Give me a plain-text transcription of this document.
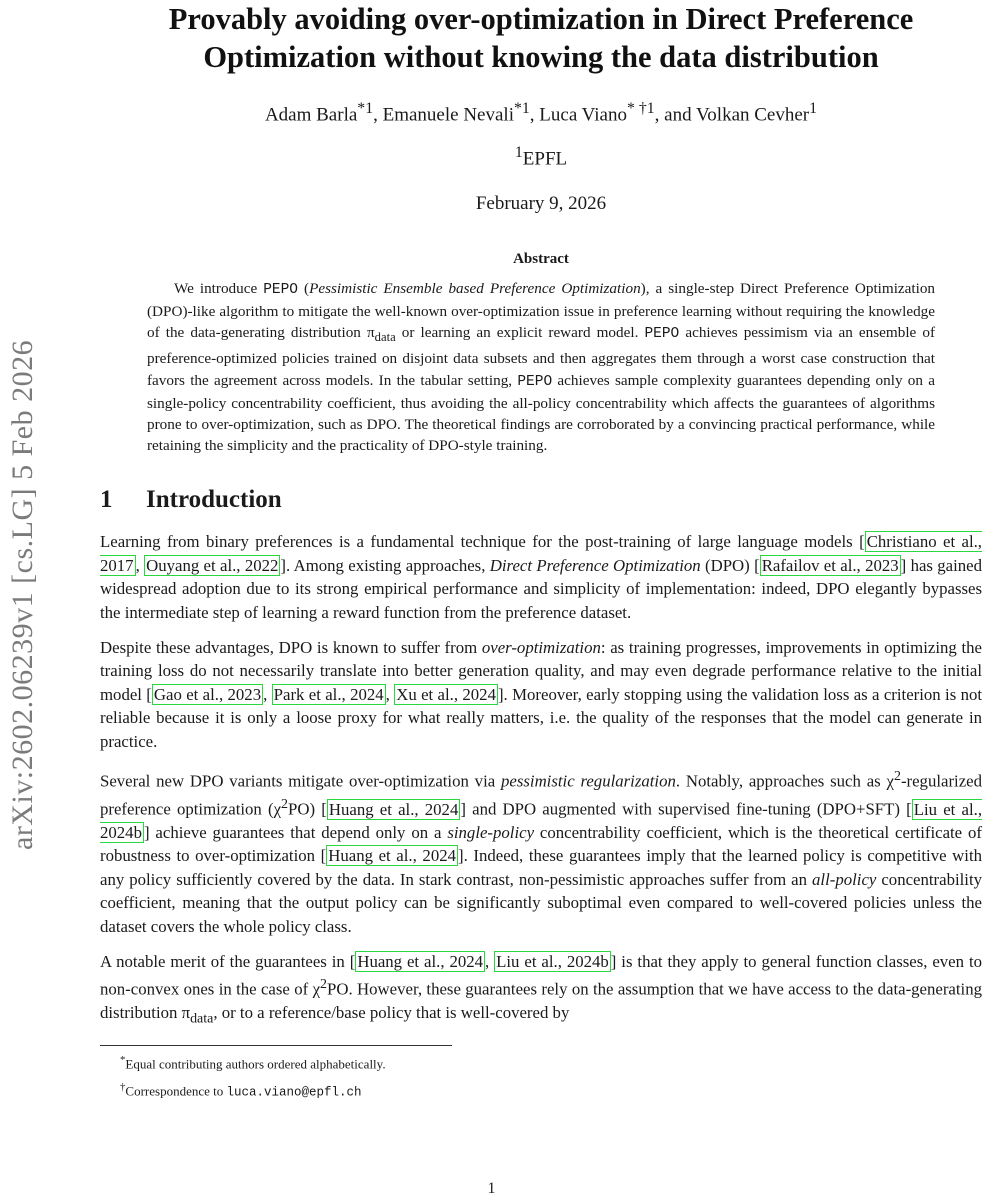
arXiv:2602.06239v1 [cs.LG] 5 Feb 2026
Provably avoiding over-optimization in Direct Preference
Optimization without knowing the data distribution
Adam Barla$^{*1}$, Emanuele Nevali$^{*1}$, Luca Viano$^{* \dagger 1}$, and Volkan Cevher$^1$
$^1$EPFL
February 9, 2026
Abstract

We introduce PEPO (Pessimistic Ensemble based Preference Optimization), a single-step Direct Preference Optimization (DPO)-like algorithm to mitigate the well-known over-optimization issue in preference learning without requiring the knowledge of the data-generating distribution $\pi_{data}$ or learning an explicit reward model. PEPO achieves pessimism via an ensemble of preference-optimized policies trained on disjoint data subsets and then aggregates them through a worst case construction that favors the agreement across models. In the tabular setting, PEPO achieves sample complexity guarantees depending only on a single-policy concentrability coefficient, thus avoiding the all-policy concentrability which affects the guarantees of algorithms prone to over-optimization, such as DPO. The theoretical findings are corroborated by a convincing practical performance, while retaining the simplicity and the practicality of DPO-style training.

1 Introduction

Learning from binary preferences is a fundamental technique for the post-training of large language models [ Christiano et al., 2017 , Ouyang et al., 2022 ]. Among existing approaches, Direct Preference Optimization (DPO) [ Rafailov et al., 2023 ] has gained widespread adoption due to its strong empirical performance and simplicity of implementation: indeed, DPO elegantly bypasses the intermediate step of learning a reward function from the preference dataset.

Despite these advantages, DPO is known to suffer from over-optimization: as training progresses, improvements in optimizing the training loss do not necessarily translate into better generation quality, and may even degrade performance relative to the initial model [ Gao et al., 2023 , Park et al., 2024 , Xu et al., 2024 ]. Moreover, early stopping using the validation loss as a criterion is not reliable because it is only a loose proxy for what really matters, i.e. the quality of the responses that the model can generate in practice.

Several new DPO variants mitigate over-optimization via pessimistic regularization. Notably, approaches such as $\chi^2$-regularized preference optimization $(\chi^2PO)$ [ Huang et al., 2024 ] and DPO augmented with supervised fine-tuning (DPO+SFT) [ Liu et al., 2024b ] achieve guarantees that depend only on a single-policy concentrability coefficient, which is the theoretical certificate of robustness to over-optimization [ Huang et al., 2024 ]. Indeed, these guarantees imply that the learned policy is competitive with any policy sufficiently covered by the data. In stark contrast, non-pessimistic approaches suffer from an all-policy concentrability coefficient, meaning that the output policy can be significantly suboptimal even compared to well-covered policies unless the dataset covers the whole policy class.

A notable merit of the guarantees in [ Huang et al., 2024 , Liu et al., 2024b ] is that they apply to general function classes, even to non-convex ones in the case of $\chi^2PO$. However, these guarantees rely on the assumption that we have access to the data-generating distribution $\pi_{data}$, or to a reference/base policy that is well-covered by

*Equal contributing authors ordered alphabetically.
†Correspondence to luca.viano@epfl.ch
1
